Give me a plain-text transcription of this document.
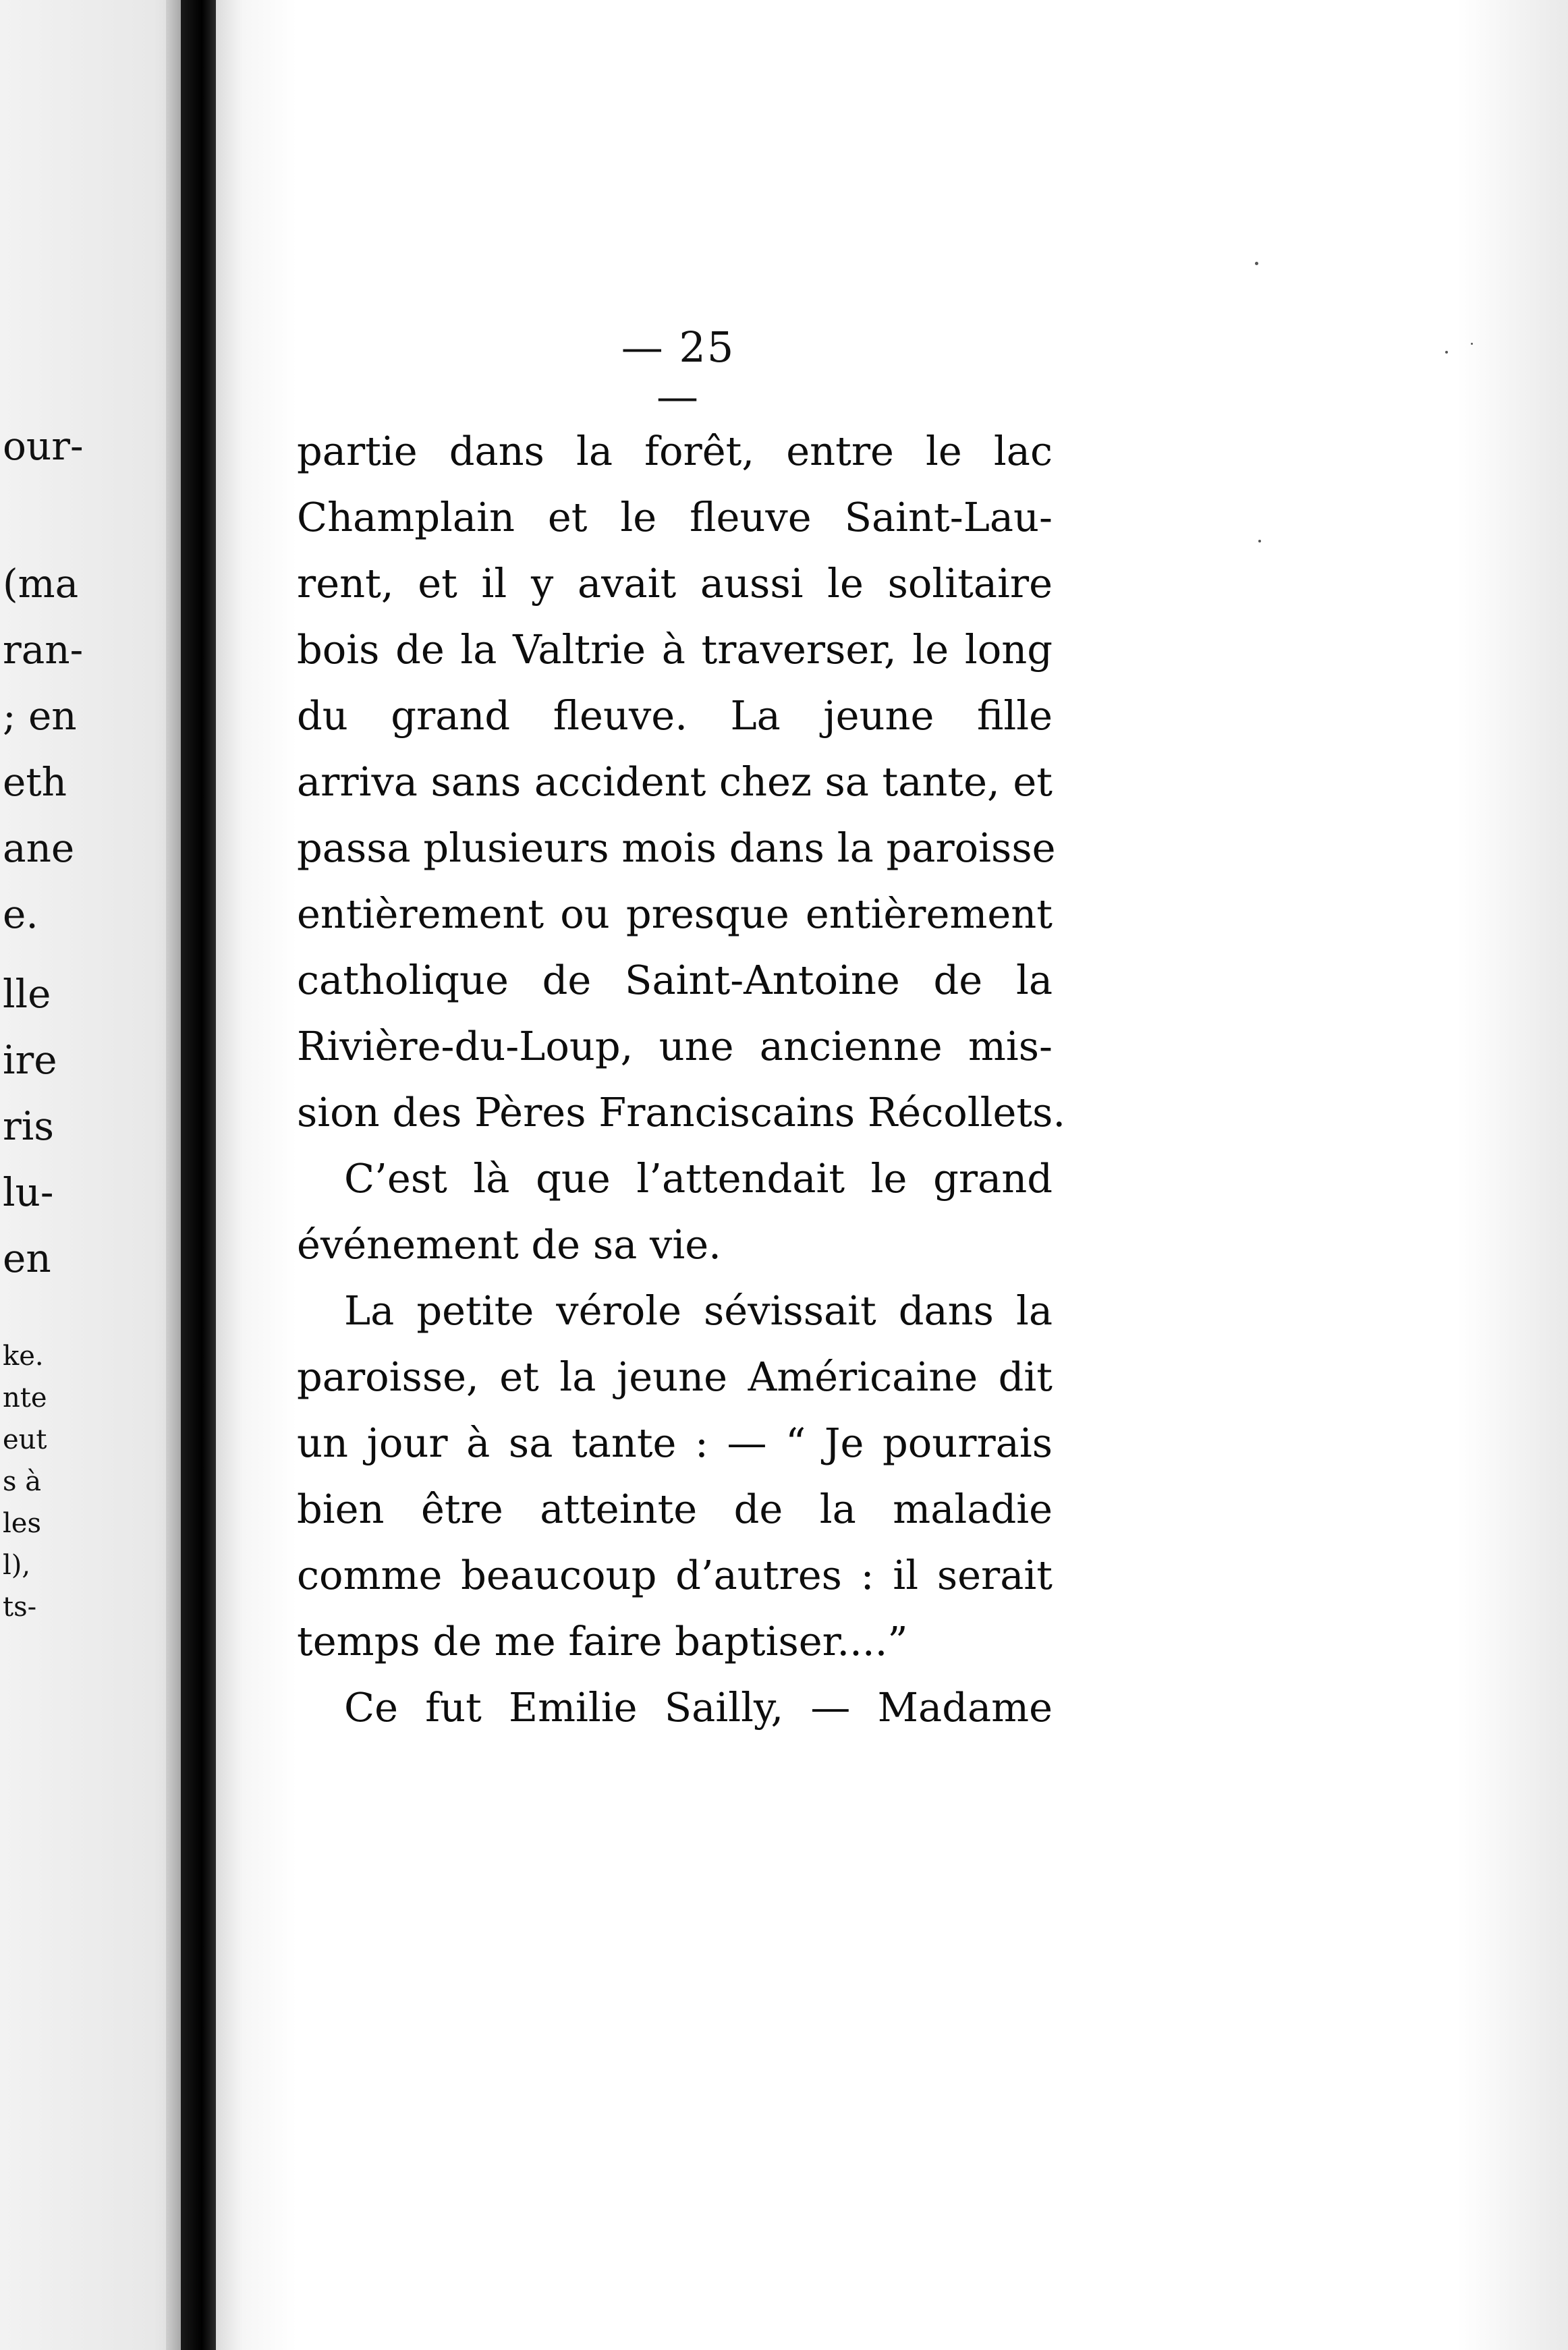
our-
(ma
ran-
; en
eth
ane
e.
lle
ire
ris
lu-
en
ke.
nte
eut
s à
les
l),
ts-
— 25 —
partie dans la forêt, entre le lac
Champlain et le fleuve Saint-Lau-
rent, et il y avait aussi le solitaire
bois de la Valtrie à traverser, le long
du grand fleuve. La jeune fille
arriva sans accident chez sa tante, et
passa plusieurs mois dans la paroisse
entièrement ou presque entièrement
catholique de Saint-Antoine de la
Rivière-du-Loup, une ancienne mis-
sion des Pères Franciscains Récollets.
C’est là que l’attendait le grand
événement de sa vie.
La petite vérole sévissait dans la
paroisse, et la jeune Américaine dit
un jour à sa tante : — “ Je pourrais
bien être atteinte de la maladie
comme beaucoup d’autres : il serait
temps de me faire baptiser....”
Ce fut Emilie Sailly, — Madame
